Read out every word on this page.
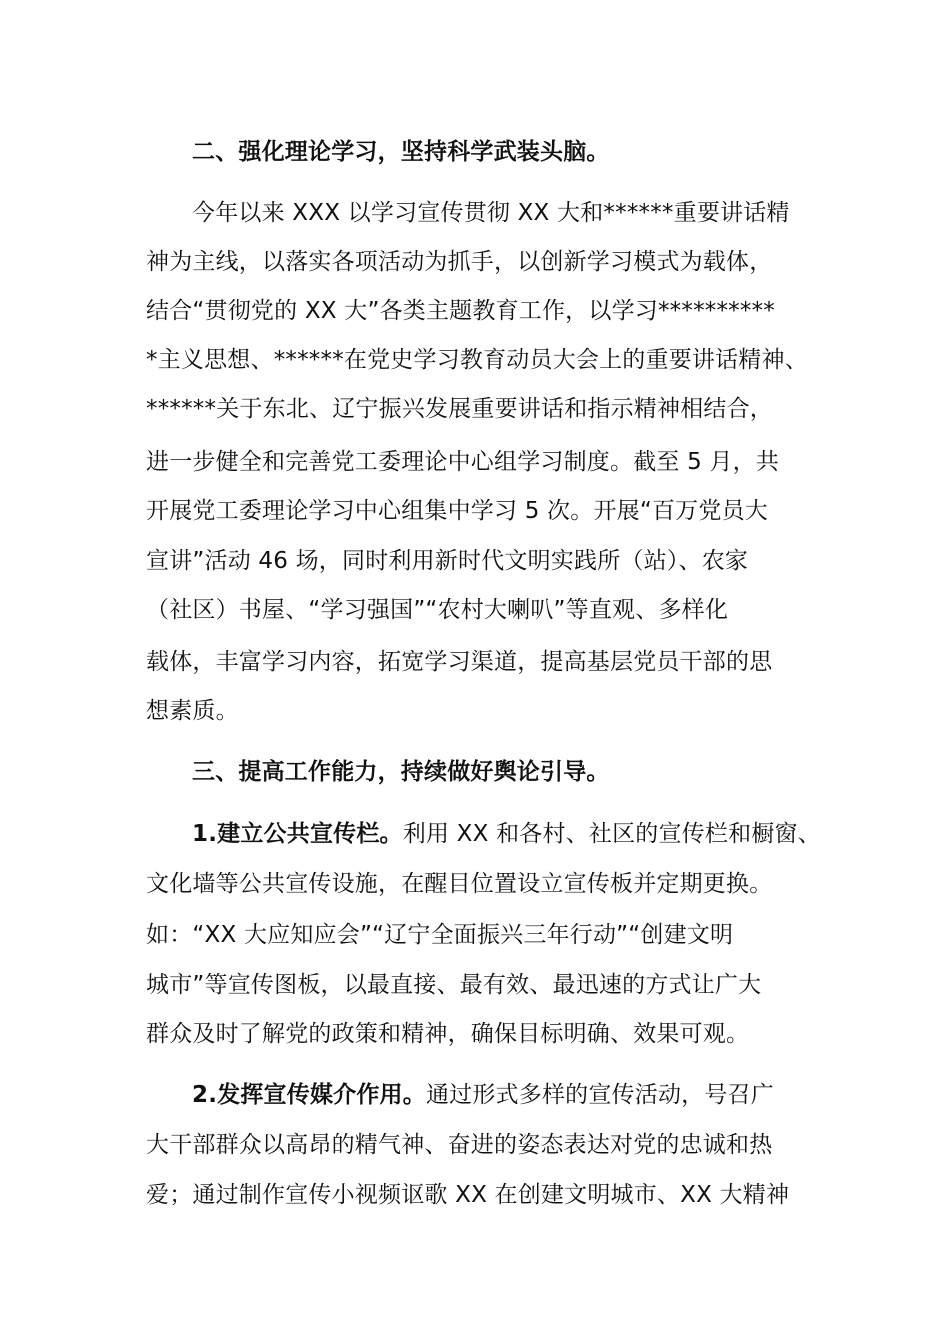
二、强化理论学习，坚持科学武装头脑。
今年以来 XXX 以学习宣传贯彻 XX 大和******重要讲话精
神为主线，以落实各项活动为抓手，以创新学习模式为载体，
结合“贯彻党的 XX 大”各类主题教育工作，以学习**********
*主义思想、******在党史学习教育动员大会上的重要讲话精神、
******关于东北、辽宁振兴发展重要讲话和指示精神相结合，
进一步健全和完善党工委理论中心组学习制度。截至 5 月，共
开展党工委理论学习中心组集中学习 5 次。开展“百万党员大
宣讲”活动 46 场，同时利用新时代文明实践所（站）、农家
（社区）书屋、“学习强国”“农村大喇叭”等直观、多样化
载体，丰富学习内容，拓宽学习渠道，提高基层党员干部的思
想素质。
三、提高工作能力，持续做好舆论引导。
1.建立公共宣传栏。利用 XX 和各村、社区的宣传栏和橱窗、
文化墙等公共宣传设施，在醒目位置设立宣传板并定期更换。
如：“XX 大应知应会”“辽宁全面振兴三年行动”“创建文明
城市”等宣传图板，以最直接、最有效、最迅速的方式让广大
群众及时了解党的政策和精神，确保目标明确、效果可观。
2.发挥宣传媒介作用。通过形式多样的宣传活动，号召广
大干部群众以高昂的精气神、奋进的姿态表达对党的忠诚和热
爱；通过制作宣传小视频讴歌 XX 在创建文明城市、XX 大精神
